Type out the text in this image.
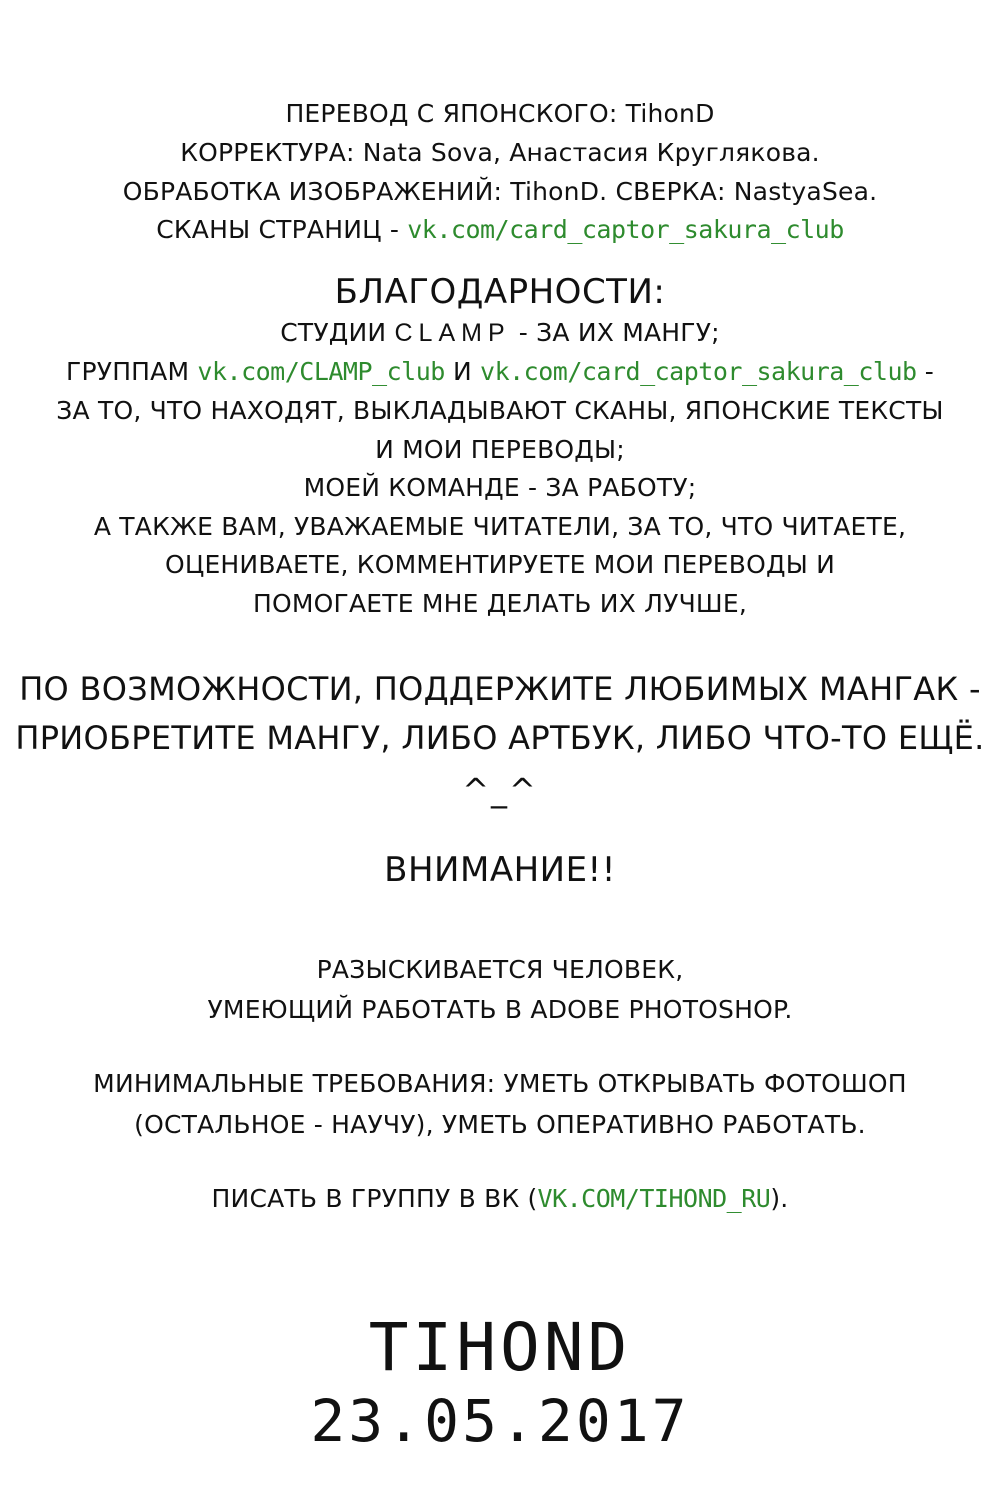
ПЕРЕВОД С ЯПОНСКОГО: TihonD
КОРРЕКТУРА: Nata Sova, Анастасия Круглякова.
ОБРАБОТКА ИЗОБРАЖЕНИЙ: TihonD. СВЕРКА: NastyaSea.
СКАНЫ СТРАНИЦ - vk.com/card_captor_sakura_club
БЛАГОДАРНОСТИ:
СТУДИИ CLAMP - ЗА ИХ МАНГУ;
ГРУППАМ vk.com/CLAMP_club И vk.com/card_captor_sakura_club -
ЗА ТО, ЧТО НАХОДЯТ, ВЫКЛАДЫВАЮТ СКАНЫ, ЯПОНСКИЕ ТЕКСТЫ
И МОИ ПЕРЕВОДЫ;
МОЕЙ КОМАНДЕ - ЗА РАБОТУ;
А ТАКЖЕ ВАМ, УВАЖАЕМЫЕ ЧИТАТЕЛИ, ЗА ТО, ЧТО ЧИТАЕТЕ,
ОЦЕНИВАЕТЕ, КОММЕНТИРУЕТЕ МОИ ПЕРЕВОДЫ И
ПОМОГАЕТЕ МНЕ ДЕЛАТЬ ИХ ЛУЧШЕ,
ПО ВОЗМОЖНОСТИ, ПОДДЕРЖИТЕ ЛЮБИМЫХ МАНГАК -
ПРИОБРЕТИТЕ МАНГУ, ЛИБО АРТБУК, ЛИБО ЧТО-ТО ЕЩЁ.
^_^
ВНИМАНИЕ!!
РАЗЫСКИВАЕТСЯ ЧЕЛОВЕК,
УМЕЮЩИЙ РАБОТАТЬ В ADOBE PHOTOSHOP.
МИНИМАЛЬНЫЕ ТРЕБОВАНИЯ: УМЕТЬ ОТКРЫВАТЬ ФОТОШОП
(ОСТАЛЬНОЕ - НАУЧУ), УМЕТЬ ОПЕРАТИВНО РАБОТАТЬ.
ПИСАТЬ В ГРУППУ В ВК (VK.COM/TIHOND_RU).
TIHOND
23.05.2017
